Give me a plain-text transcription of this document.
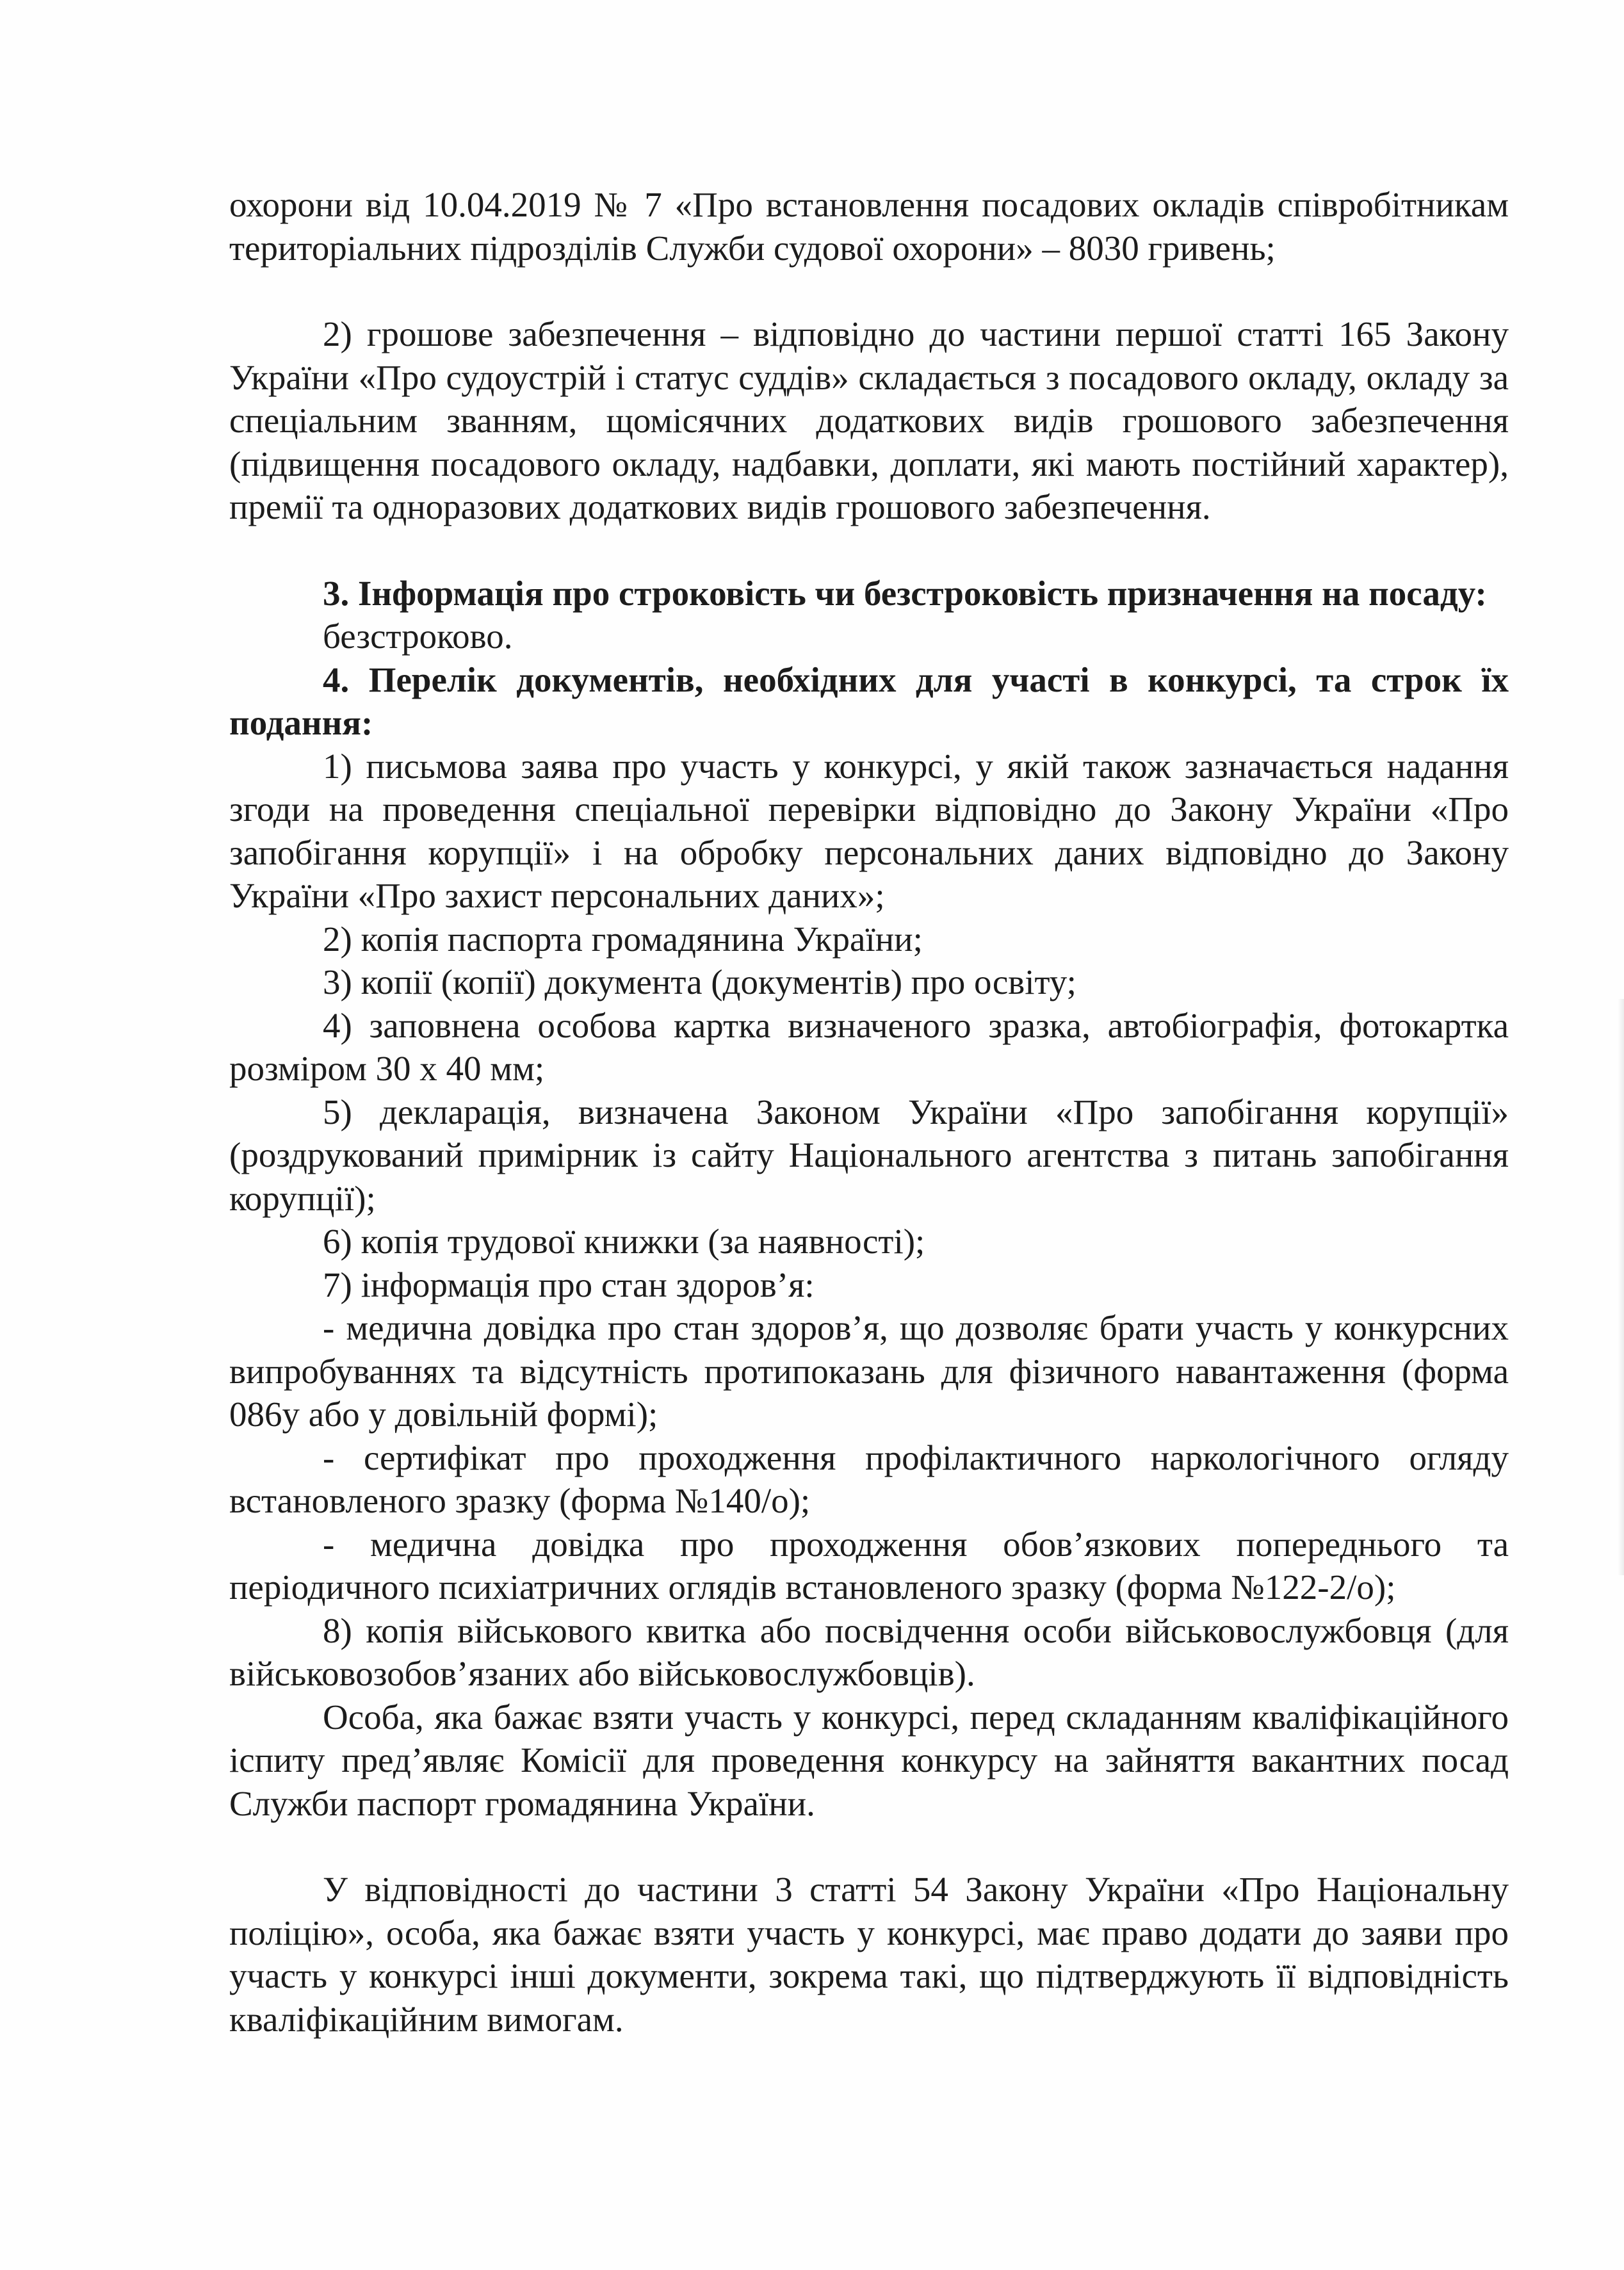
охорони від 10.04.2019 № 7 «Про встановлення посадових окладів співробітникам територіальних підрозділів Служби судової охорони» – 8030 гривень;

2) грошове забезпечення – відповідно до частини першої статті 165 Закону України «Про судоустрій і статус суддів» складається з посадового окладу, окладу за спеціальним званням, щомісячних додаткових видів грошового забезпечення (підвищення посадового окладу, надбавки, доплати, які мають постійний характер), премії та одноразових додаткових видів грошового забезпечення.

3. Інформація про строковість чи безстроковість призначення на посаду:

безстроково.

4. Перелік документів, необхідних для участі в конкурсі, та строк їх подання:

1) письмова заява про участь у конкурсі, у якій також зазначається надання згоди на проведення спеціальної перевірки відповідно до Закону України «Про запобігання корупції» і на обробку персональних даних відповідно до Закону України «Про захист персональних даних»;

2) копія паспорта громадянина України;

3) копії (копії) документа (документів) про освіту;

4) заповнена особова картка визначеного зразка, автобіографія, фотокартка розміром 30 х 40 мм;

5) декларація, визначена Законом України «Про запобігання корупції» (роздрукований примірник із сайту Національного агентства з питань запобігання корупції);

6) копія трудової книжки (за наявності);

7) інформація про стан здоров’я:

- медична довідка про стан здоров’я, що дозволяє брати участь у конкурсних випробуваннях та відсутність протипоказань для фізичного навантаження (форма 086у або у довільній формі);

- сертифікат про проходження профілактичного наркологічного огляду встановленого зразку (форма №140/о);

- медична довідка про проходження обов’язкових попереднього та періодичного психіатричних оглядів встановленого зразку (форма №122-2/о);

8) копія військового квитка або посвідчення особи військовослужбовця (для військовозобов’язаних або військовослужбовців).

Особа, яка бажає взяти участь у конкурсі, перед складанням кваліфікаційного іспиту пред’являє Комісії для проведення конкурсу на зайняття вакантних посад Служби паспорт громадянина України.

У відповідності до частини 3 статті 54 Закону України «Про Національну поліцію», особа, яка бажає взяти участь у конкурсі, має право додати до заяви про участь у конкурсі інші документи, зокрема такі, що підтверджують її відповідність кваліфікаційним вимогам.
